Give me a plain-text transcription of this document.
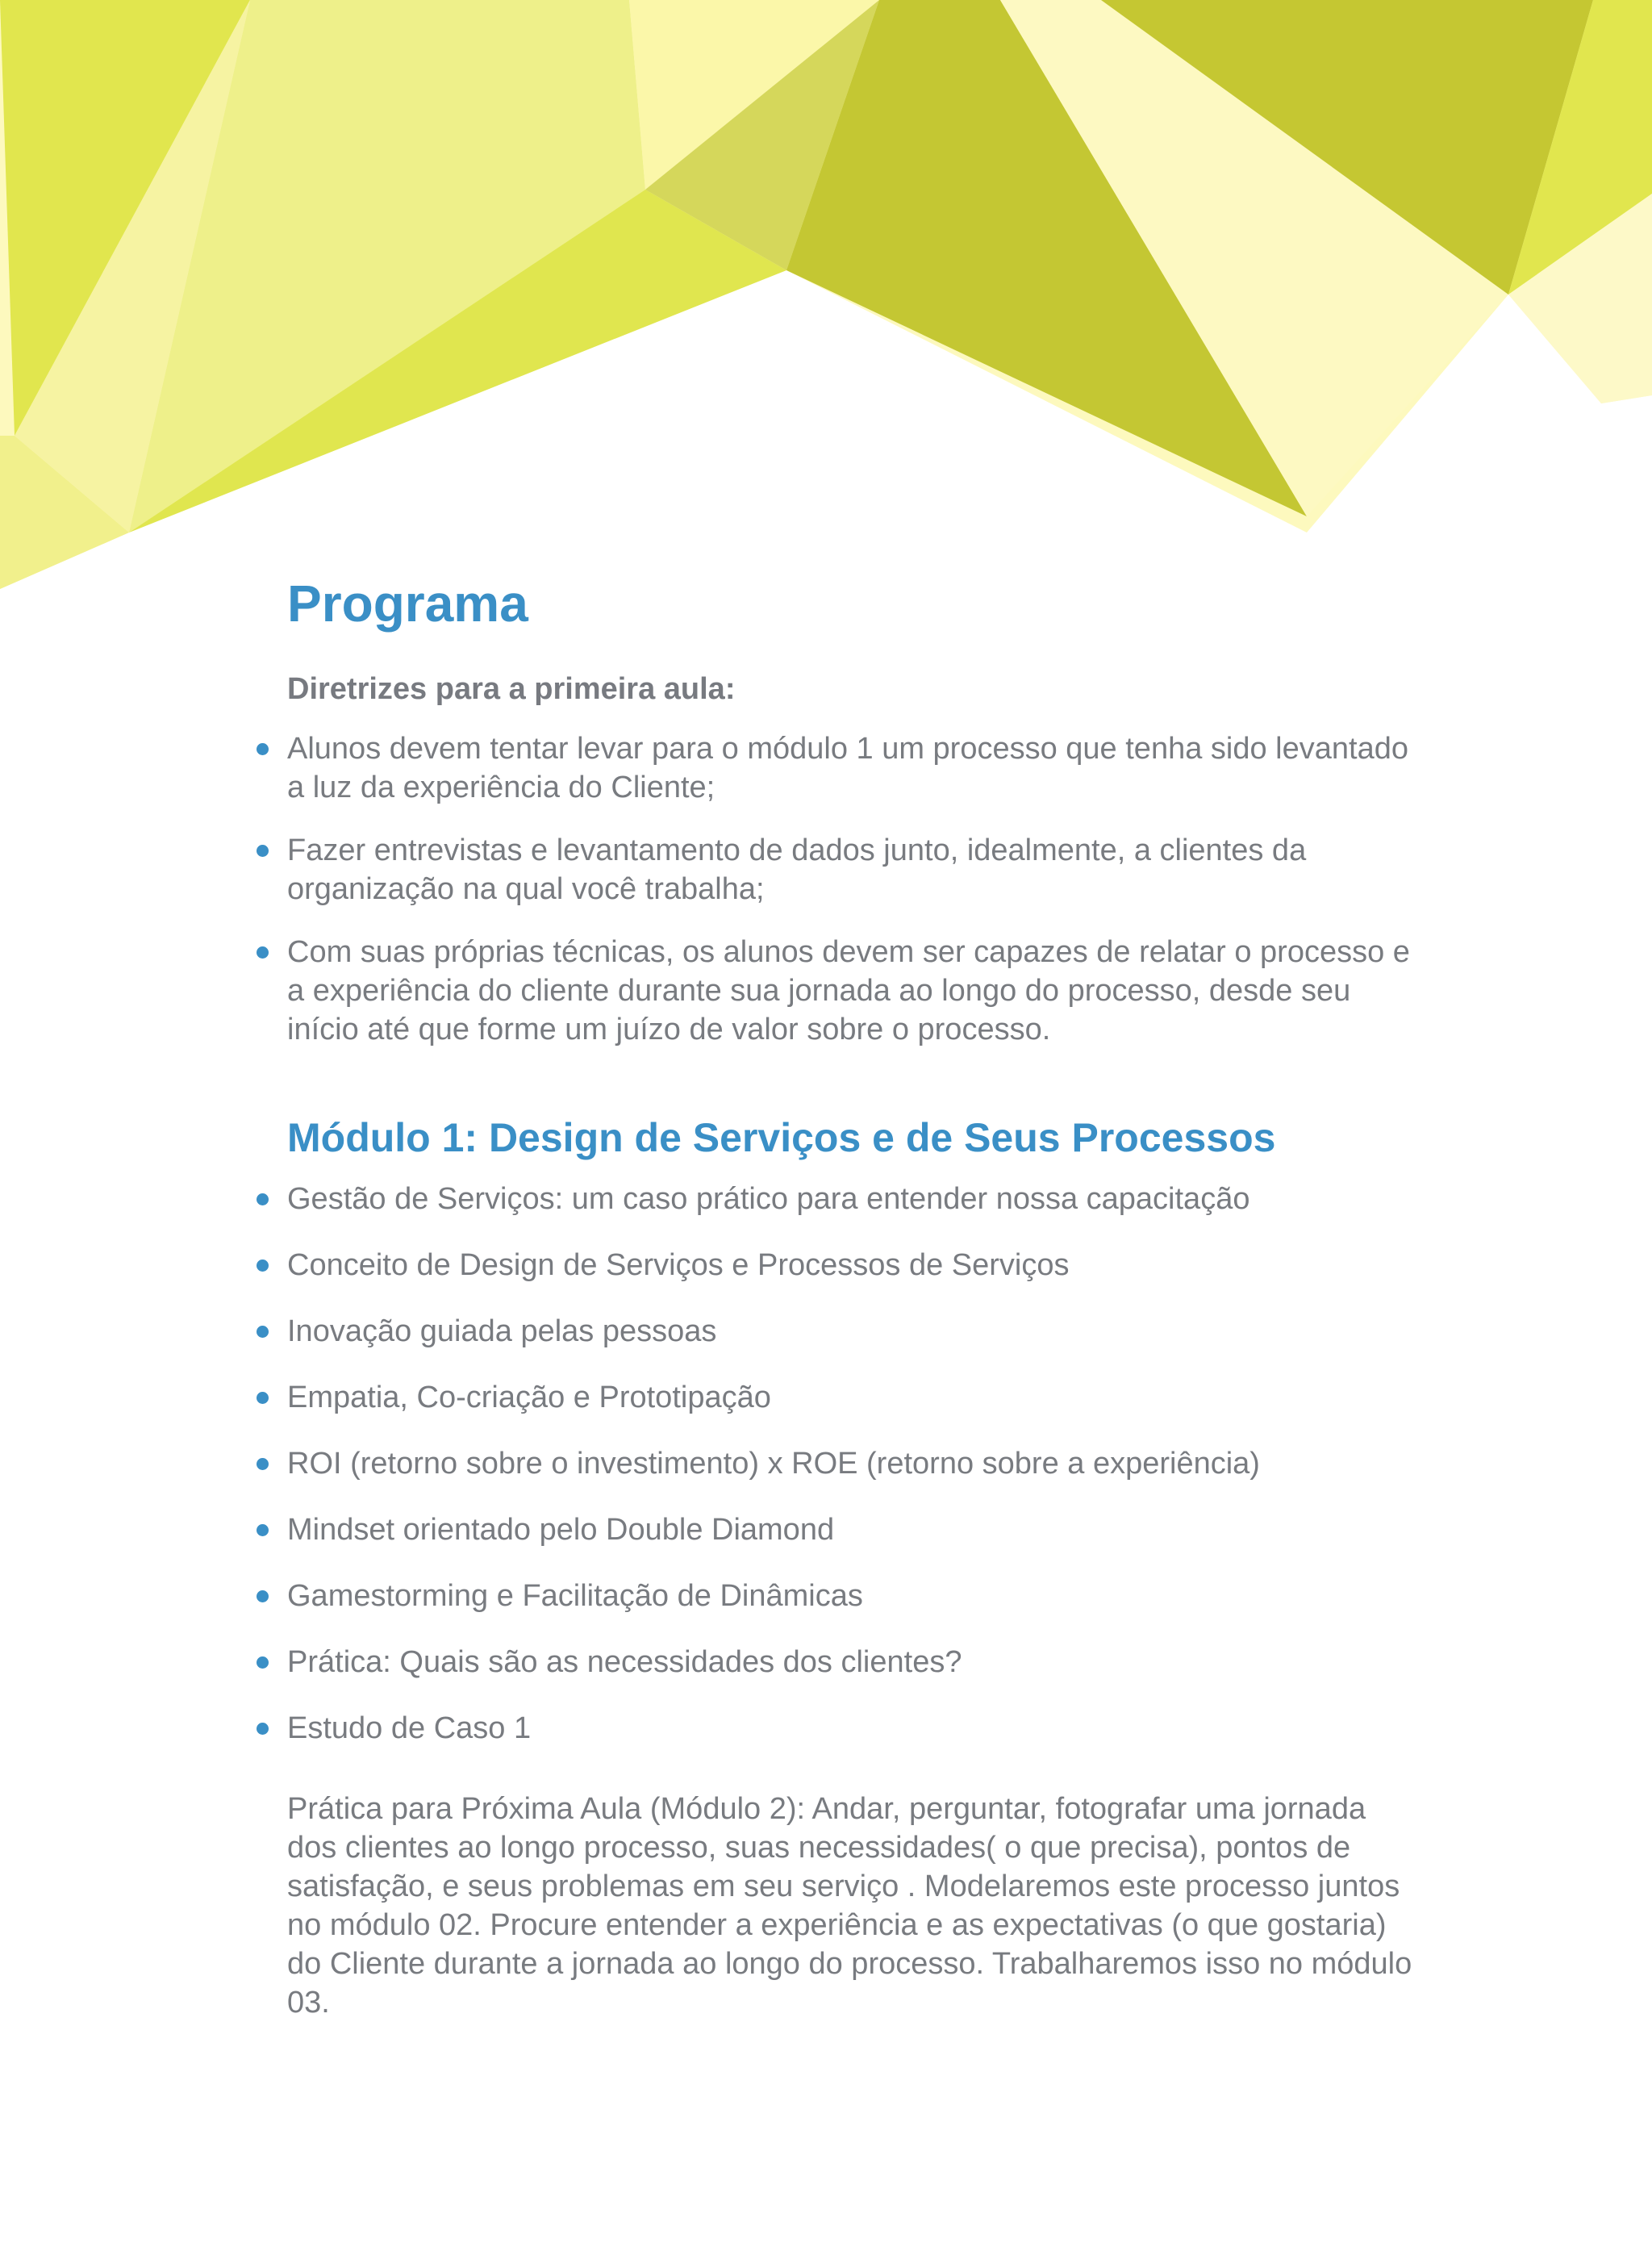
Programa

Diretrizes para a primeira aula:

Alunos devem tentar levar para o módulo 1 um processo que tenha sido levantado a luz da experiência do Cliente;
Fazer entrevistas e levantamento de dados junto, idealmente, a clientes da organização na qual você trabalha;
Com suas próprias técnicas, os alunos devem ser capazes de relatar o processo e a experiência do cliente durante sua jornada ao longo do processo, desde seu início até que forme um juízo de valor sobre o processo.
Módulo 1: Design de Serviços e de Seus Processos
Gestão de Serviços: um caso prático para entender nossa capacitação
Conceito de Design de Serviços e Processos de Serviços
Inovação guiada pelas pessoas
Empatia, Co-criação e Prototipação
ROI (retorno sobre o investimento) x ROE (retorno sobre a experiência)
Mindset orientado pelo Double Diamond
Gamestorming e Facilitação de Dinâmicas
Prática: Quais são as necessidades dos clientes?
Estudo de Caso 1

Prática para Próxima Aula (Módulo 2): Andar, perguntar, fotografar uma jornada dos clientes ao longo processo, suas necessidades( o que precisa), pontos de satisfação, e seus problemas em seu serviço . Modelaremos este processo juntos no módulo 02. Procure entender a experiência e as expectativas (o que gostaria) do Cliente durante a jornada ao longo do processo. Trabalharemos isso no módulo 03.
